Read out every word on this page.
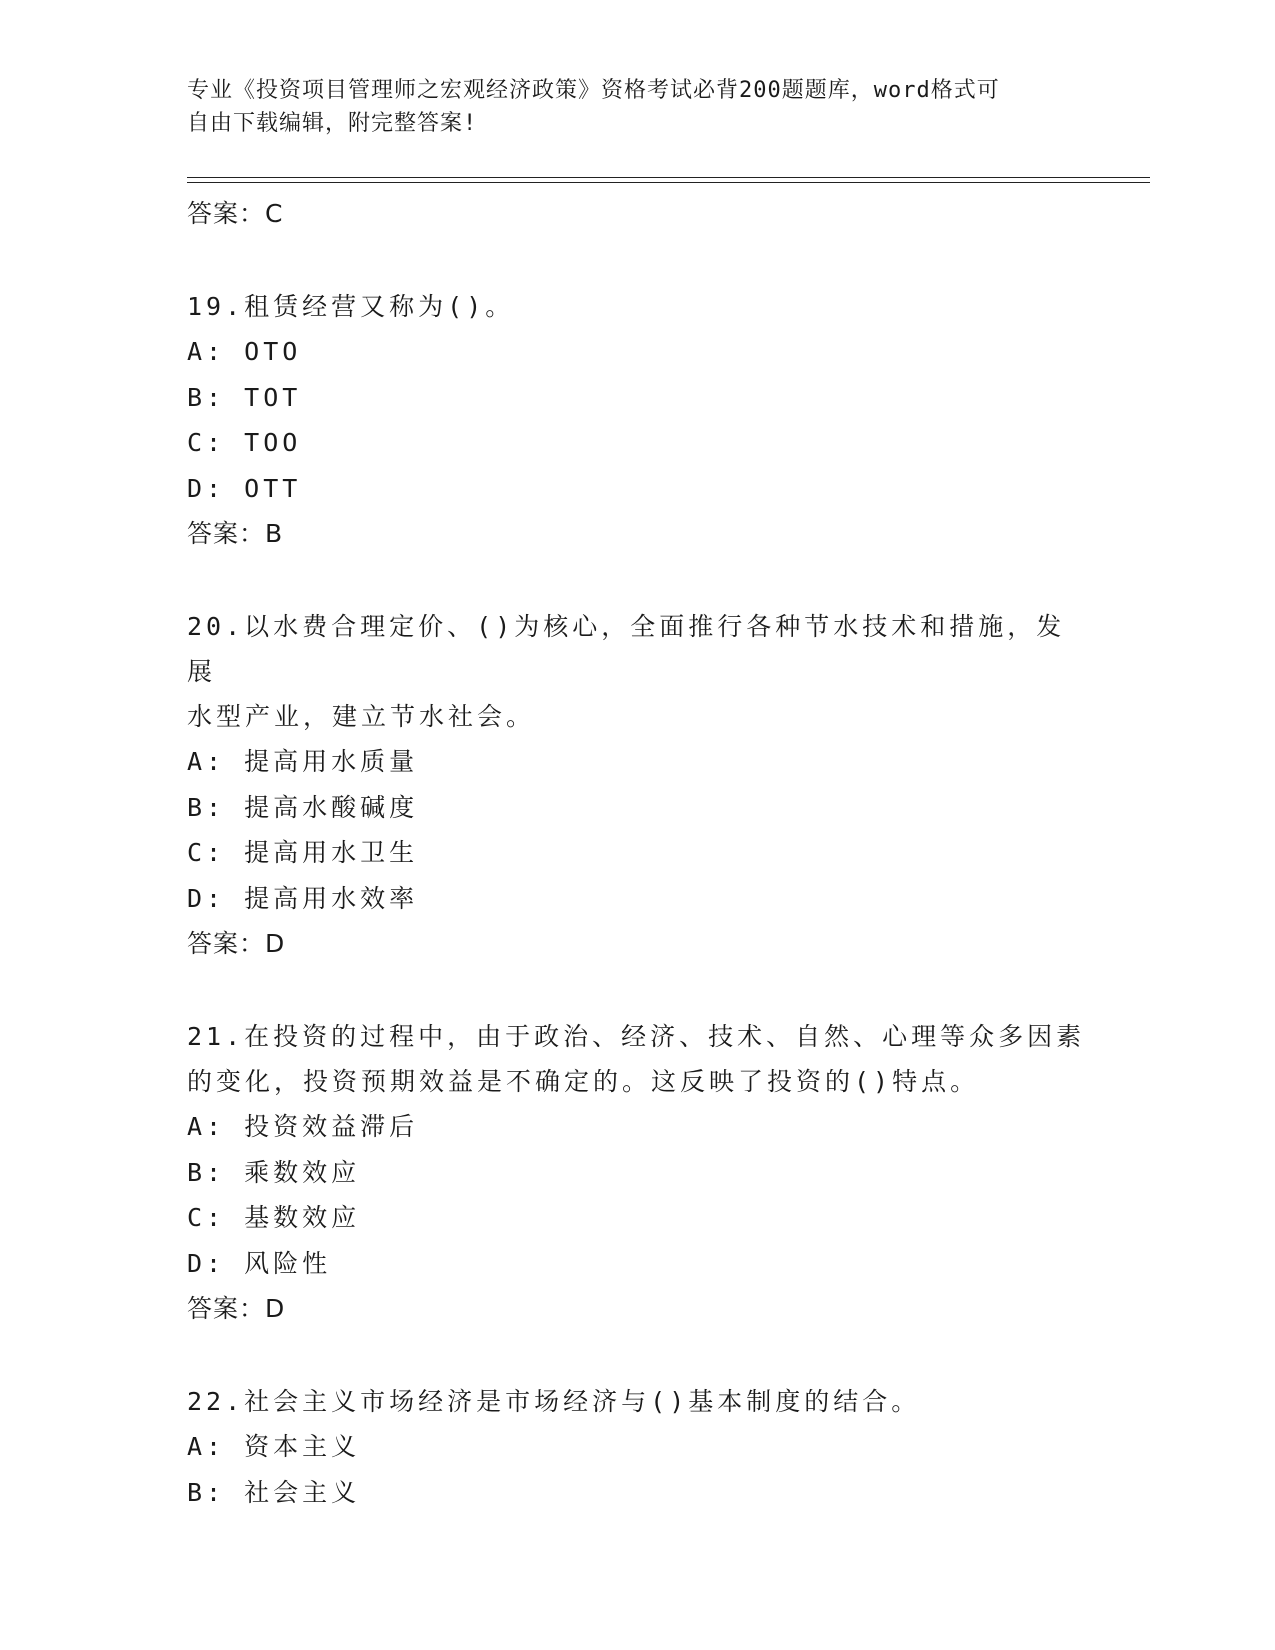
专业《投资项目管理师之宏观经济政策》资格考试必背200题题库，word格式可
自由下载编辑，附完整答案!
答案：C
19.租赁经营又称为()。
A: OTO
B: TOT
C: TOO
D: OTT
答案：B
20.以水费合理定价、()为核心，全面推行各种节水技术和措施，发展
水型产业，建立节水社会。
A: 提高用水质量
B: 提高水酸碱度
C: 提高用水卫生
D: 提高用水效率
答案：D
21.在投资的过程中，由于政治、经济、技术、自然、心理等众多因素
的变化，投资预期效益是不确定的。这反映了投资的()特点。
A: 投资效益滞后
B: 乘数效应
C: 基数效应
D: 风险性
答案：D
22.社会主义市场经济是市场经济与()基本制度的结合。
A: 资本主义
B: 社会主义
